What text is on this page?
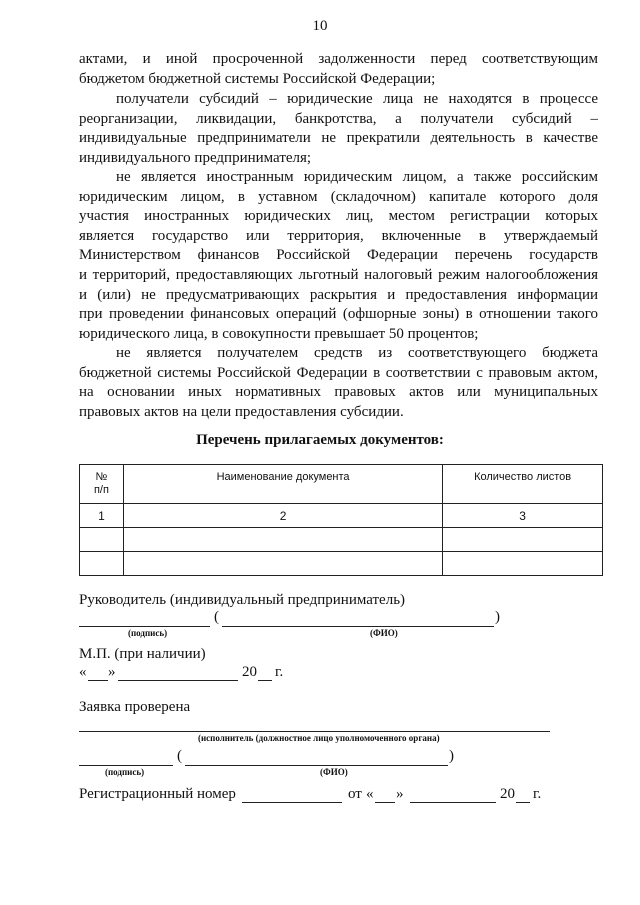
10
актами, и иной просроченной задолженности перед соответствующим
бюджетом бюджетной системы Российской Федерации;
получатели субсидий – юридические лица не находятся в процессе
реорганизации, ликвидации, банкротства, а получатели субсидий –
индивидуальные предприниматели не прекратили деятельность в качестве
индивидуального предпринимателя;
не является иностранным юридическим лицом, а также российским
юридическим лицом, в уставном (складочном) капитале которого доля
участия иностранных юридических лиц, местом регистрации которых
является государство или территория, включенные в утверждаемый
Министерством финансов Российской Федерации перечень государств
и территорий, предоставляющих льготный налоговый режим налогообложения
и (или) не предусматривающих раскрытия и предоставления информации
при проведении финансовых операций (офшорные зоны) в отношении такого
юридического лица, в совокупности превышает 50 процентов;
не является получателем средств из соответствующего бюджета
бюджетной системы Российской Федерации в соответствии с правовым актом,
на основании иных нормативных правовых актов или муниципальных
правовых актов на цели предоставления субсидии.
Перечень прилагаемых документов:
№
п/п	Наименование документа	Количество листов
1	2	3

Руководитель (индивидуальный предприниматель)
(	)
(подпись)	(ФИО)
М.П. (при наличии)
« »	20 г.
Заявка проверена
(исполнитель (должностное лицо уполномоченного органа)
(	)
(подпись)	(ФИО)
Регистрационный номер	от « »	20 г.
